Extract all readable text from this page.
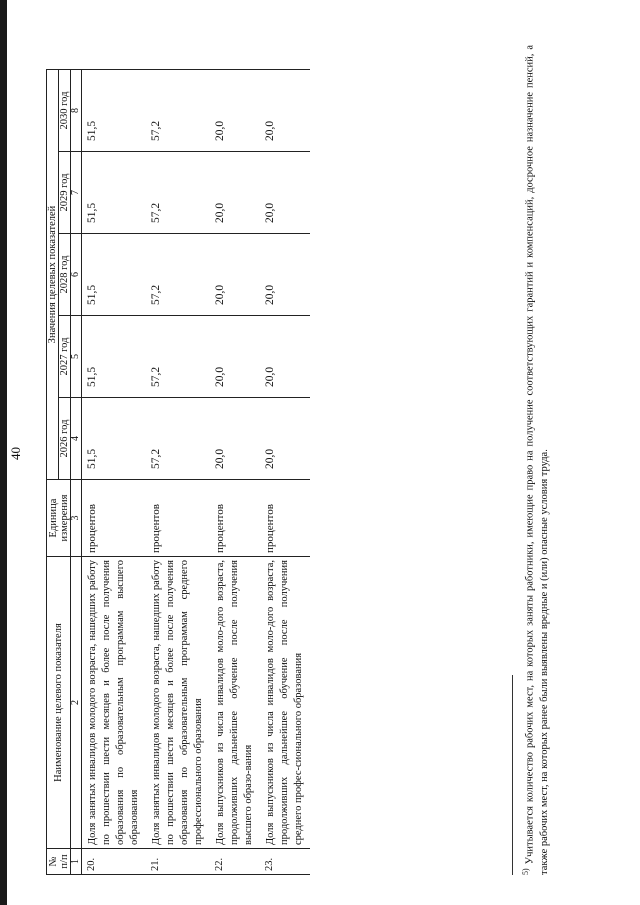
40
№ п/п	Наименование целевого показателя	Единица измерения	Значения целевых показателей				
			2026 год	2027 год	2028 год	2029 год	2030 год
1	2	3	4	5	6	7	8
20.	Доля занятых инвалидов молодого возраста, нашедших работу по прошествии шести месяцев и более после получения образования по образовательным программам высшего образования	процентов	51,5	51,5	51,5	51,5	51,5
21.	Доля занятых инвалидов молодого возраста, нашедших работу по прошествии шести месяцев и более после получения образования по образовательным программам среднего профессионального образования	процентов	57,2	57,2	57,2	57,2	57,2
22.	Доля выпускников из числа инвалидов моло-дого возраста, продолживших дальнейшее обучение после получения высшего образо-вания	процентов	20,0	20,0	20,0	20,0	20,0
23.	Доля выпускников из числа инвалидов моло-дого возраста, продолживших дальнейшее обучение после получения среднего профес-сионального образования	процентов	20,0	20,0	20,0	20,0	20,0
$^{5)}$ Учитывается количество рабочих мест, на которых заняты работники, имеющие право на получение соответствующих гарантий и компенсаций, досрочное назначение пенсий, а также рабочих мест, на которых ранее были выявлены вредные и (или) опасные условия труда.
